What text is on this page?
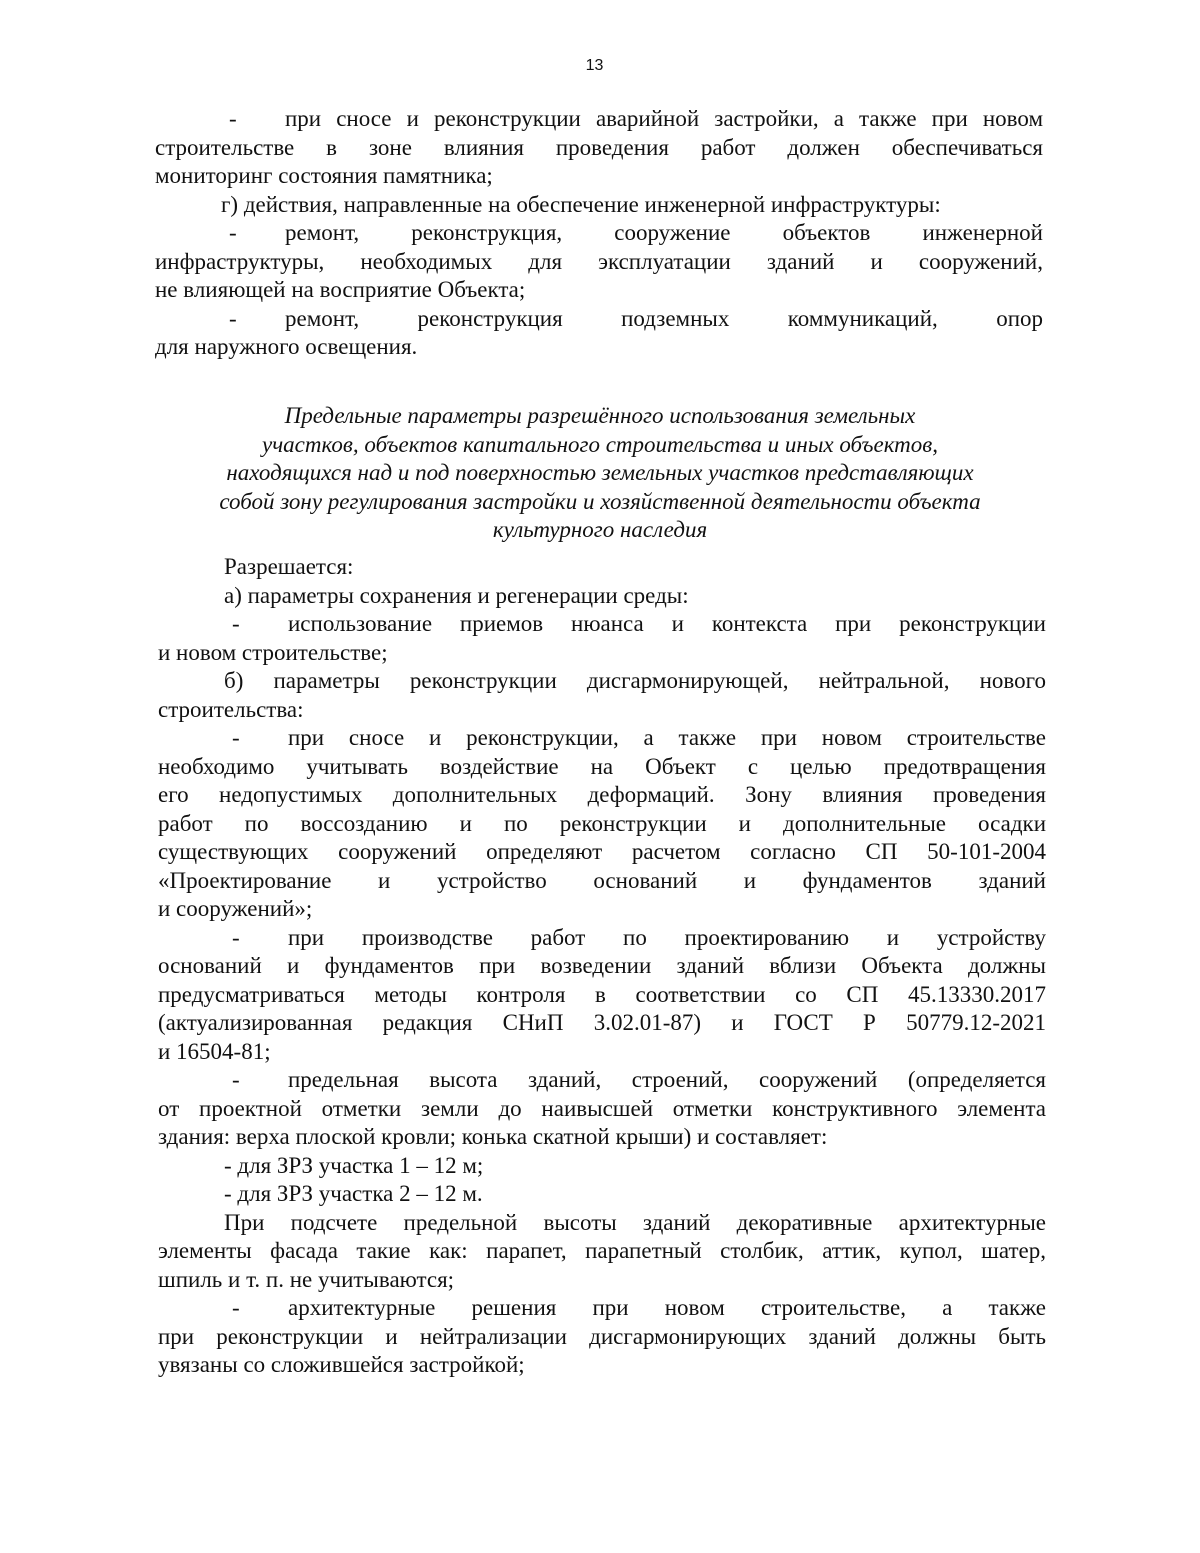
13
-	при сносе и реконструкции аварийной застройки, а также при новом
строительстве в зоне влияния проведения работ должен обеспечиваться
мониторинг состояния памятника;
г) действия, направленные на обеспечение инженерной инфраструктуры:
-	ремонт, реконструкция, сооружение объектов инженерной
инфраструктуры, необходимых для эксплуатации зданий и сооружений,
не влияющей на восприятие Объекта;
-	ремонт, реконструкция подземных коммуникаций, опор
для наружного освещения.
Предельные параметры разрешённого использования земельных
участков, объектов капитального строительства и иных объектов,
находящихся над и под поверхностью земельных участков представляющих
собой зону регулирования застройки и хозяйственной деятельности объекта
культурного наследия
Разрешается:
а) параметры сохранения и регенерации среды:
-	использование приемов нюанса и контекста при реконструкции
и новом строительстве;
б) параметры реконструкции дисгармонирующей, нейтральной, нового
строительства:
-	при сносе и реконструкции, а также при новом строительстве
необходимо учитывать воздействие на Объект с целью предотвращения
его недопустимых дополнительных деформаций. Зону влияния проведения
работ по воссозданию и по реконструкции и дополнительные осадки
существующих сооружений определяют расчетом согласно СП 50-101-2004
«Проектирование и устройство оснований и фундаментов зданий
и сооружений»;
-	при производстве работ по проектированию и устройству
оснований и фундаментов при возведении зданий вблизи Объекта должны
предусматриваться методы контроля в соответствии со СП 45.13330.2017
(актуализированная редакция СНиП 3.02.01-87) и ГОСТ Р 50779.12-2021
и 16504-81;
-	предельная высота зданий, строений, сооружений (определяется
от проектной отметки земли до наивысшей отметки конструктивного элемента
здания: верха плоской кровли; конька скатной крыши) и составляет:
- для ЗРЗ участка 1 – 12 м;
- для ЗРЗ участка 2 – 12 м.
При подсчете предельной высоты зданий декоративные архитектурные
элементы фасада такие как: парапет, парапетный столбик, аттик, купол, шатер,
шпиль и т. п. не учитываются;
-	архитектурные решения при новом строительстве, а также
при реконструкции и нейтрализации дисгармонирующих зданий должны быть
увязаны со сложившейся застройкой;
